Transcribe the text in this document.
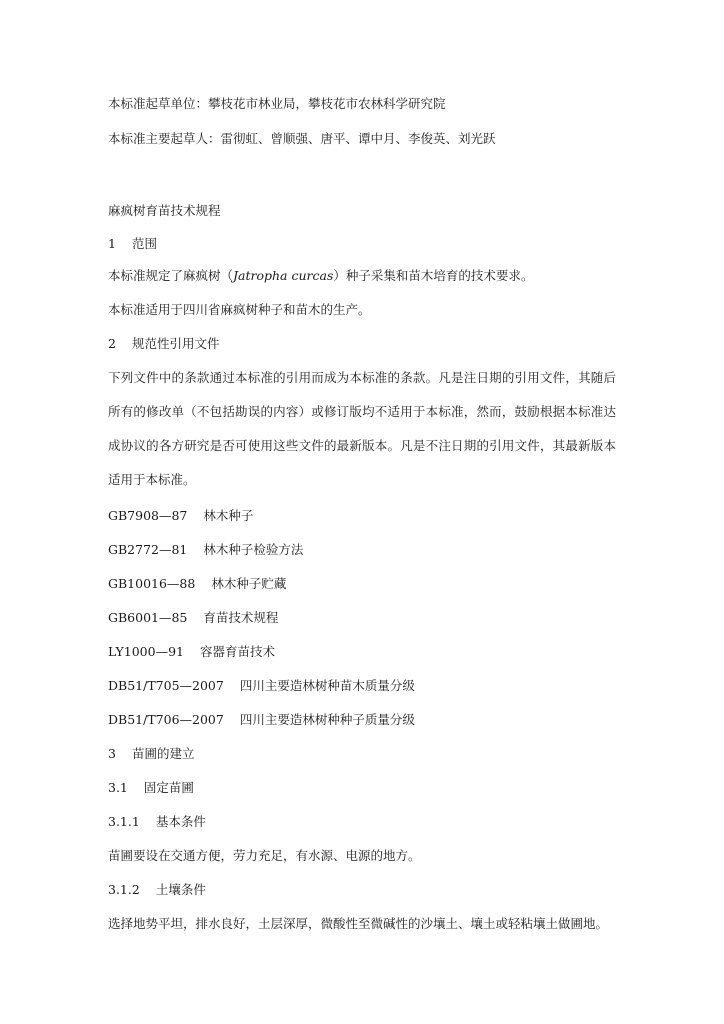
本标准起草单位：攀枝花市林业局，攀枝花市农林科学研究院
本标准主要起草人：雷彻虹、曾顺强、唐平、谭中月、李俊英、刘光跃
麻疯树育苗技术规程
1 范围
本标准规定了麻疯树（Jatropha curcas）种子采集和苗木培育的技术要求。
本标准适用于四川省麻疯树种子和苗木的生产。
2 规范性引用文件
下列文件中的条款通过本标准的引用而成为本标准的条款。凡是注日期的引用文件，其随后
所有的修改单（不包括勘误的内容）或修订版均不适用于本标准，然而，鼓励根据本标准达
成协议的各方研究是否可使用这些文件的最新版本。凡是不注日期的引用文件，其最新版本
适用于本标准。
GB7908—87 林木种子
GB2772—81 林木种子检验方法
GB10016—88 林木种子贮藏
GB6001—85 育苗技术规程
LY1000—91 容器育苗技术
DB51/T705—2007 四川主要造林树种苗木质量分级
DB51/T706—2007 四川主要造林树种种子质量分级
3 苗圃的建立
3.1 固定苗圃
3.1.1 基本条件
苗圃要设在交通方便，劳力充足，有水源、电源的地方。
3.1.2 土壤条件
选择地势平坦，排水良好，土层深厚，微酸性至微碱性的沙壤土、壤土或轻粘壤土做圃地。
